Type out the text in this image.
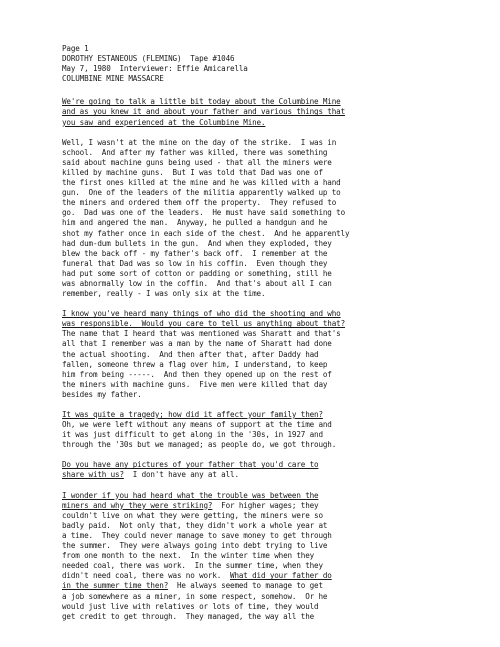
Page 1
DOROTHY ESTANEOUS (FLEMING)  Tape #1046
May 7, 1980  Interviewer: Effie Amicarella
COLUMBINE MINE MASSACRE
We're going to talk a little bit today about the Columbine Mine
and as you knew it and about your father and various things that
you saw and experienced at the Columbine Mine.
Well, I wasn't at the mine on the day of the strike.  I was in
school.  And after my father was killed, there was something
said about machine guns being used - that all the miners were
killed by machine guns.  But I was told that Dad was one of
the first ones killed at the mine and he was killed with a hand
gun.  One of the leaders of the militia apparently walked up to
the miners and ordered them off the property.  They refused to
go.  Dad was one of the leaders.  He must have said something to
him and angered the man.  Anyway, he pulled a handgun and he
shot my father once in each side of the chest.  And he apparently
had dum-dum bullets in the gun.  And when they exploded, they
blew the back off - my father's back off.  I remember at the
funeral that Dad was so low in his coffin.  Even though they
had put some sort of cotton or padding or something, still he
was abnormally low in the coffin.  And that's about all I can
remember, really - I was only six at the time.
I know you've heard many things of who did the shooting and who
was responsible.  Would you care to tell us anything about that?
The name that I heard that was mentioned was Sharatt and that's
all that I remember was a man by the name of Sharatt had done
the actual shooting.  And then after that, after Daddy had
fallen, someone threw a flag over him, I understand, to keep
him from being -----.  And then they opened up on the rest of
the miners with machine guns.  Five men were killed that day
besides my father.
It was quite a tragedy; how did it affect your family then?
Oh, we were left without any means of support at the time and
it was just difficult to get along in the '30s, in 1927 and
through the '30s but we managed; as people do, we got through.
Do you have any pictures of your father that you'd care to
share with us?  I don't have any at all.
I wonder if you had heard what the trouble was between the
miners and why they were striking?  For higher wages; they
couldn't live on what they were getting, the miners were so
badly paid.  Not only that, they didn't work a whole year at
a time.  They could never manage to save money to get through
the summer.  They were always going into debt trying to live
from one month to the next.  In the winter time when they
needed coal, there was work.  In the summer time, when they
didn't need coal, there was no work.  What did your father do
in the summer time then?  He always seemed to manage to get
a job somewhere as a miner, in some respect, somehow.  Or he
would just live with relatives or lots of time, they would
get credit to get through.  They managed, the way all the
